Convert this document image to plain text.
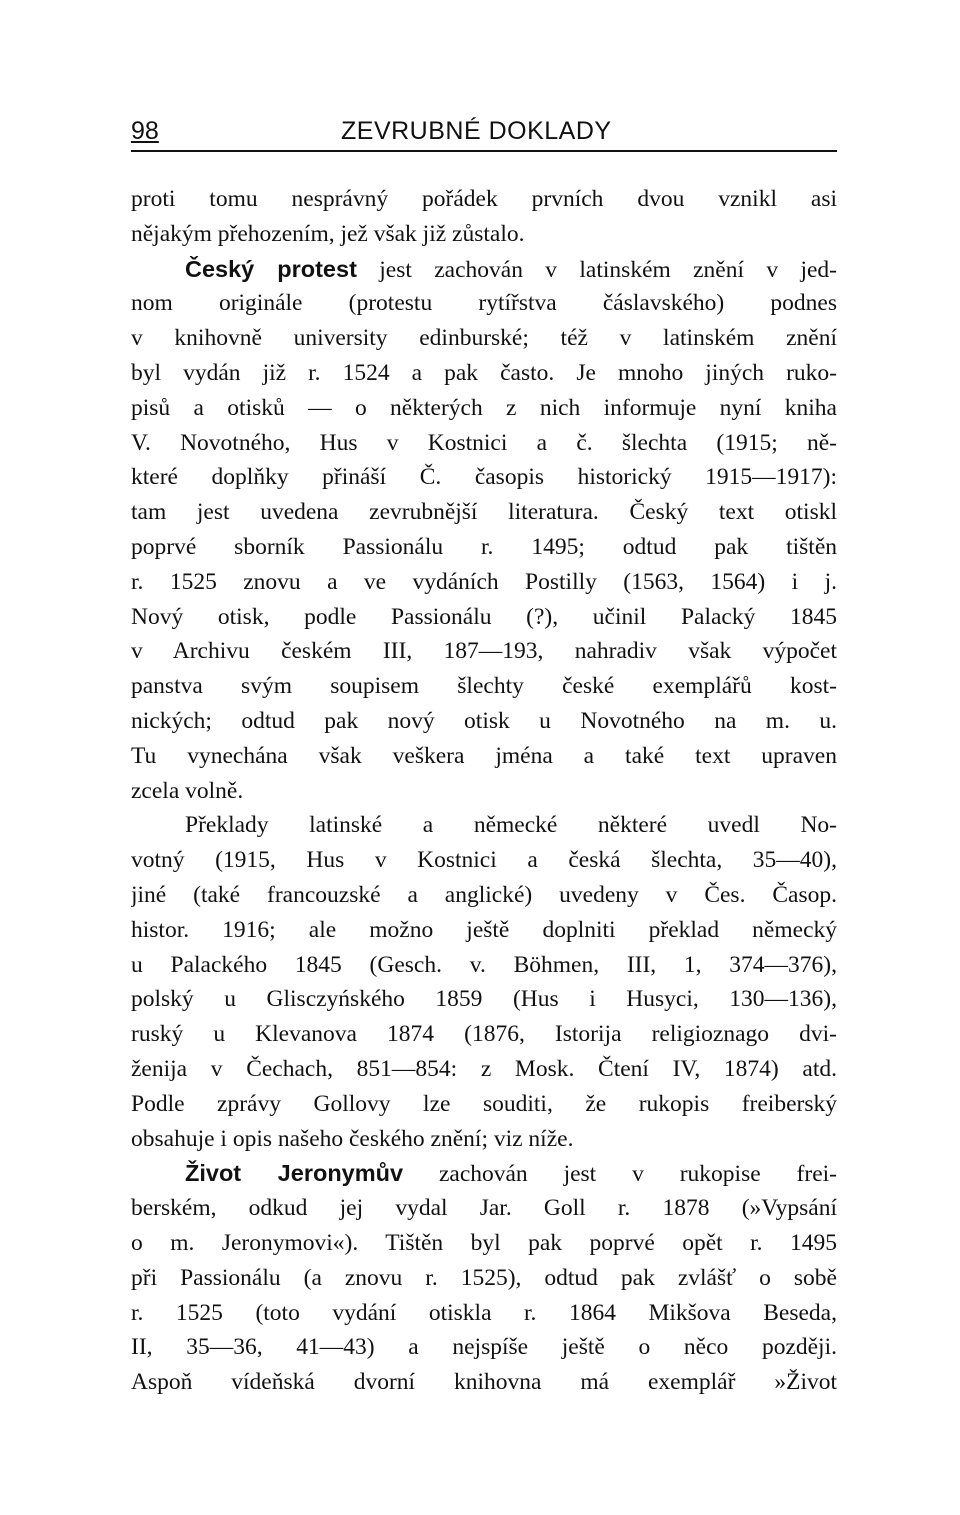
98	ZEVRUBNÉ DOKLADY
proti tomu nesprávný pořádek prvních dvou vznikl asi
nějakým přehozením, jež však již zůstalo.
Český protest jest zachován v latinském znění v jed-
nom originále (protestu rytířstva čáslavského) podnes
v knihovně university edinburské; též v latinském znění
byl vydán již r. 1524 a pak často. Je mnoho jiných ruko-
pisů a otisků — o některých z nich informuje nyní kniha
V. Novotného, Hus v Kostnici a č. šlechta (1915; ně-
které doplňky přináší Č. časopis historický 1915—1917):
tam jest uvedena zevrubnější literatura. Český text otiskl
poprvé sborník Passionálu r. 1495; odtud pak tištěn
r. 1525 znovu a ve vydáních Postilly (1563, 1564) i j.
Nový otisk, podle Passionálu (?), učinil Palacký 1845
v Archivu českém III, 187—193, nahradiv však výpočet
panstva svým soupisem šlechty české exemplářů kost-
nických; odtud pak nový otisk u Novotného na m. u.
Tu vynechána však veškera jména a také text upraven
zcela volně.
Překlady latinské a německé některé uvedl No-
votný (1915, Hus v Kostnici a česká šlechta, 35—40),
jiné (také francouzské a anglické) uvedeny v Čes. Časop.
histor. 1916; ale možno ještě doplniti překlad německý
u Palackého 1845 (Gesch. v. Böhmen, III, 1, 374—376),
polský u Glisczyńského 1859 (Hus i Husyci, 130—136),
ruský u Klevanova 1874 (1876, Istorija religioznago dvi-
ženija v Čechach, 851—854: z Mosk. Čtení IV, 1874) atd.
Podle zprávy Gollovy lze souditi, že rukopis freiberský
obsahuje i opis našeho českého znění; viz níže.
Život Jeronymův zachován jest v rukopise frei-
berském, odkud jej vydal Jar. Goll r. 1878 (»Vypsání
o m. Jeronymovi«). Tištěn byl pak poprvé opět r. 1495
při Passionálu (a znovu r. 1525), odtud pak zvlášť o sobě
r. 1525 (toto vydání otiskla r. 1864 Mikšova Beseda,
II, 35—36, 41—43) a nejspíše ještě o něco později.
Aspoň vídeňská dvorní knihovna má exemplář »Život
